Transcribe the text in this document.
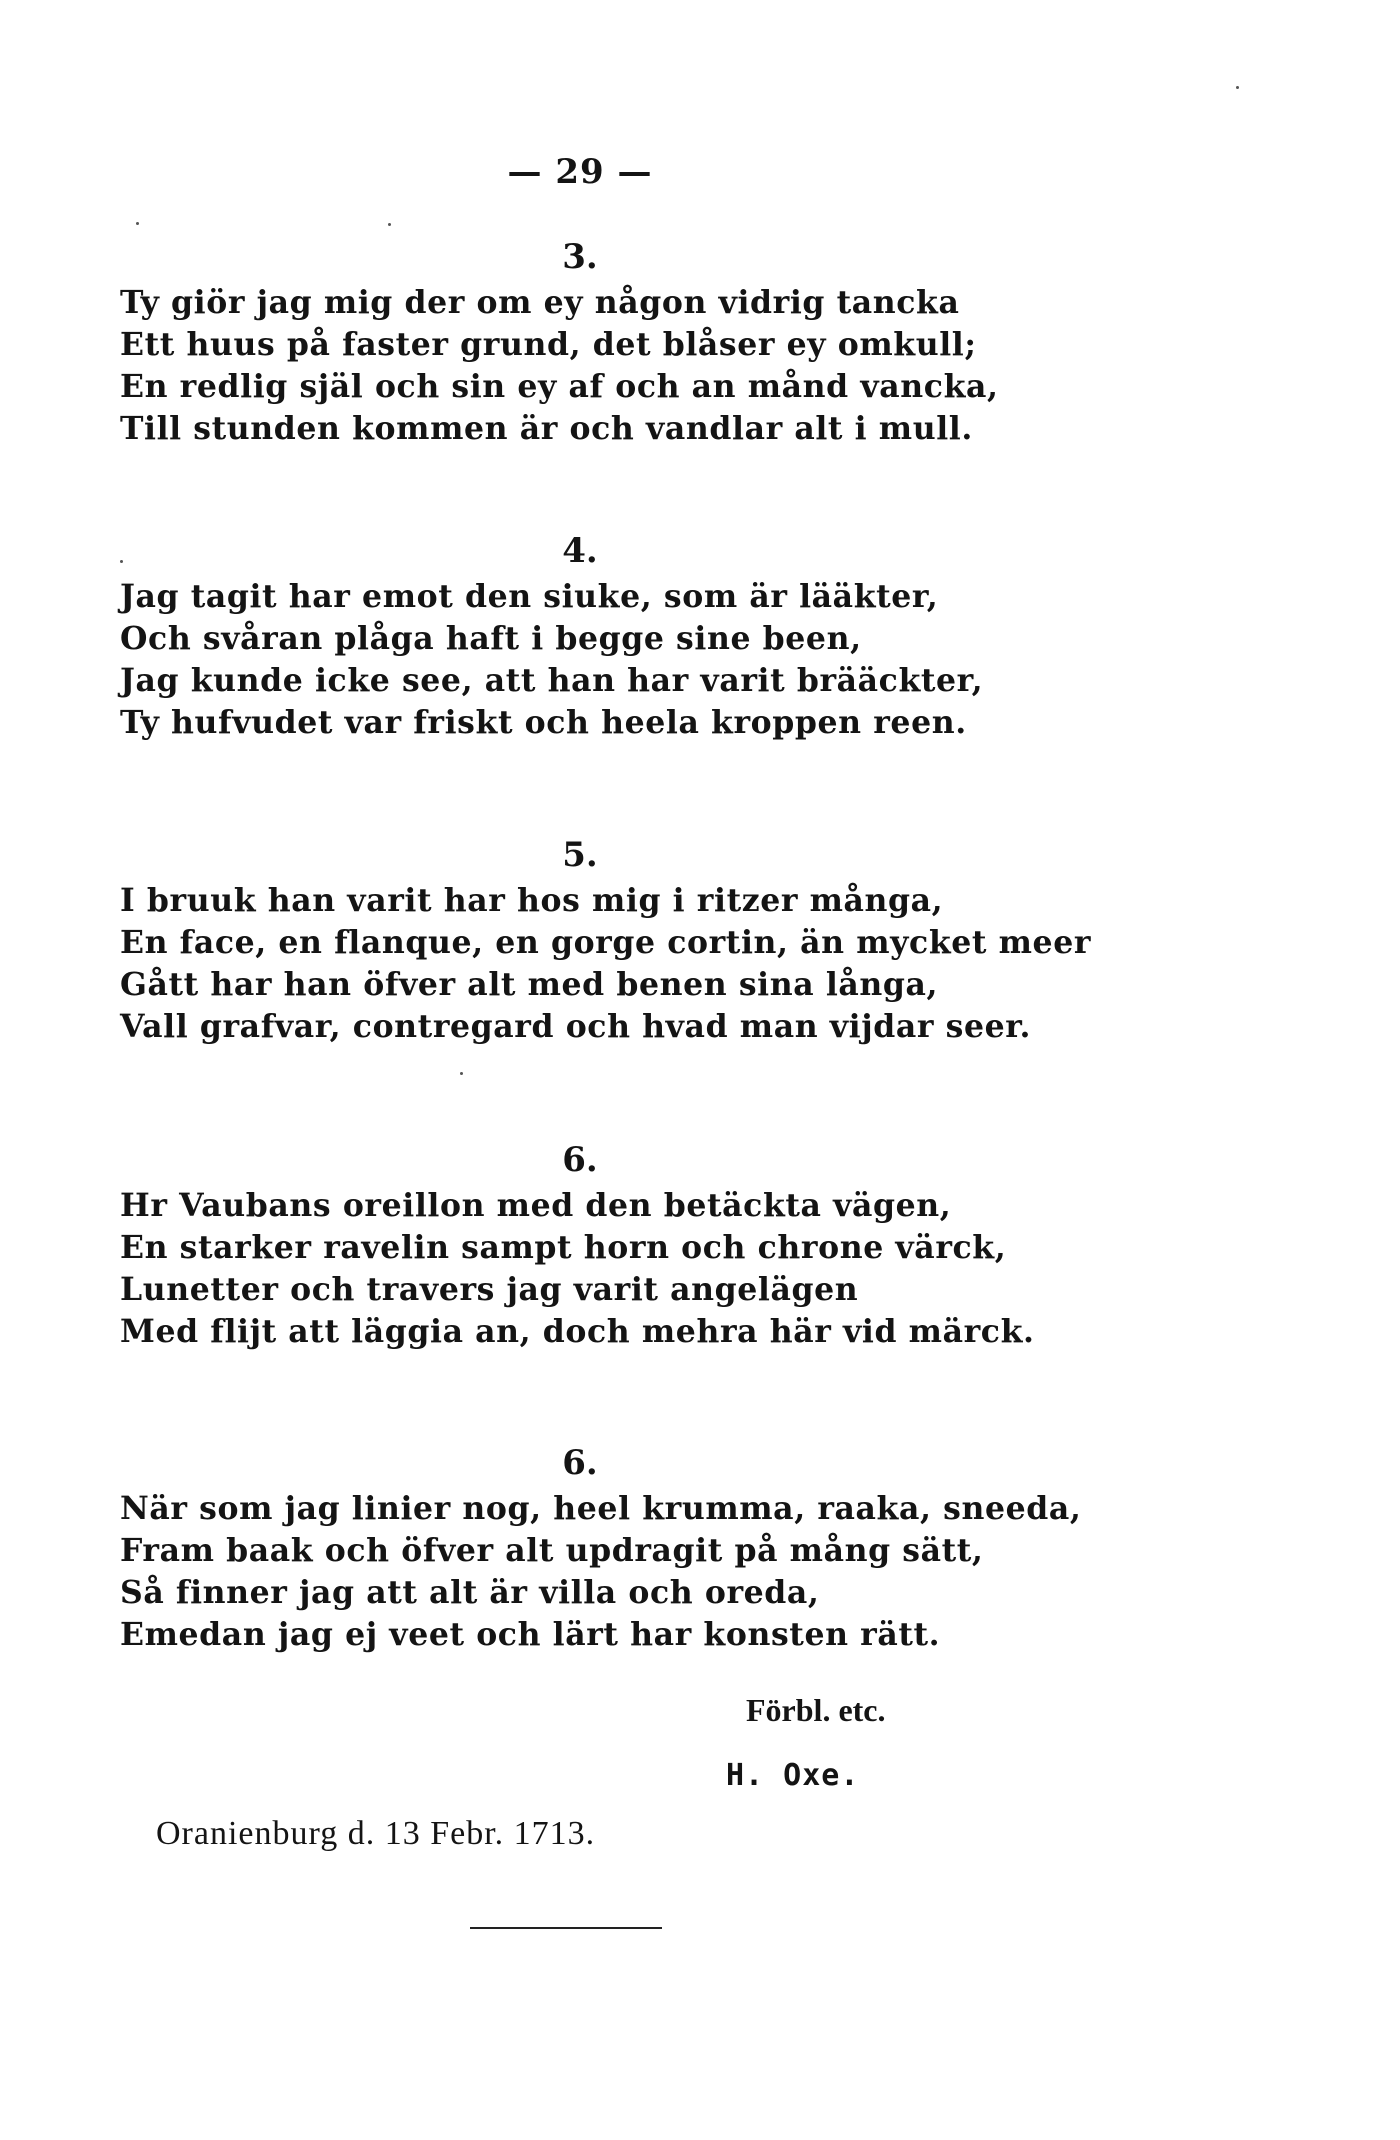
— 29 —
3.
Ty giör jag mig der om ey någon vidrig tancka
Ett huus på faster grund, det blåser ey omkull;
En redlig själ och sin ey af och an månd vancka,
Till stunden kommen är och vandlar alt i mull.
4.
Jag tagit har emot den siuke, som är lääkter,
Och svåran plåga haft i begge sine been,
Jag kunde icke see, att han har varit brääckter,
Ty hufvudet var friskt och heela kroppen reen.
5.
I bruuk han varit har hos mig i ritzer många,
En face, en flanque, en gorge cortin, än mycket meer
Gått har han öfver alt med benen sina långa,
Vall grafvar, contregard och hvad man vijdar seer.
6.
Hr Vaubans oreillon med den betäckta vägen,
En starker ravelin sampt horn och chrone värck,
Lunetter och travers jag varit angelägen
Med flijt att läggia an, doch mehra här vid märck.
6.
När som jag linier nog, heel krumma, raaka, sneeda,
Fram baak och öfver alt updragit på mång sätt,
Så finner jag att alt är villa och oreda,
Emedan jag ej veet och lärt har konsten rätt.
Förbl. etc.
H. Oxe.
Oranienburg d. 13 Febr. 1713.
